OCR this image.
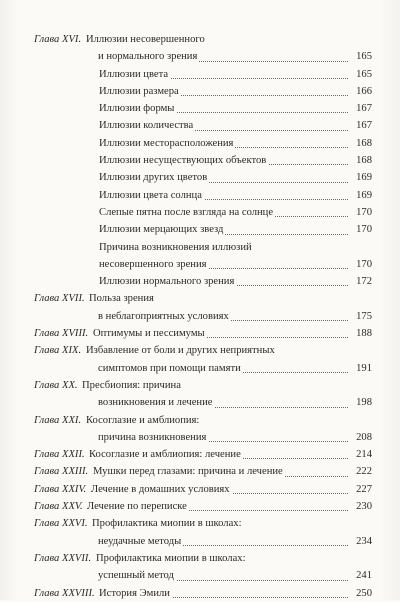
Глава XVI. Иллюзии несовершенного
и нормального зрения	165
Иллюзии цвета	165
Иллюзии размера	166
Иллюзии формы	167
Иллюзии количества	167
Иллюзии месторасположения	168
Иллюзии несуществующих объектов	168
Иллюзии других цветов	169
Иллюзии цвета солнца	169
Слепые пятна после взгляда на солнце	170
Иллюзии мерцающих звезд	170
Причина возникновения иллюзий
несовершенного зрения	170
Иллюзии нормального зрения	172
Глава XVII. Польза зрения
в неблагоприятных условиях	175
Глава XVIII. Оптимумы и пессимумы	188
Глава XIX. Избавление от боли и других неприятных
симптомов при помощи памяти	191
Глава XX. Пресбиопия: причина
возникновения и лечение	198
Глава XXI. Косоглазие и амблиопия:
причина возникновения	208
Глава XXII. Косоглазие и амблиопия: лечение	214
Глава XXIII. Мушки перед глазами: причина и лечение	222
Глава XXIV. Лечение в домашних условиях	227
Глава XXV. Лечение по переписке	230
Глава XXVI. Профилактика миопии в школах:
неудачные методы	234
Глава XXVII. Профилактика миопии в школах:
успешный метод	241
Глава XXVIII. История Эмили	250
